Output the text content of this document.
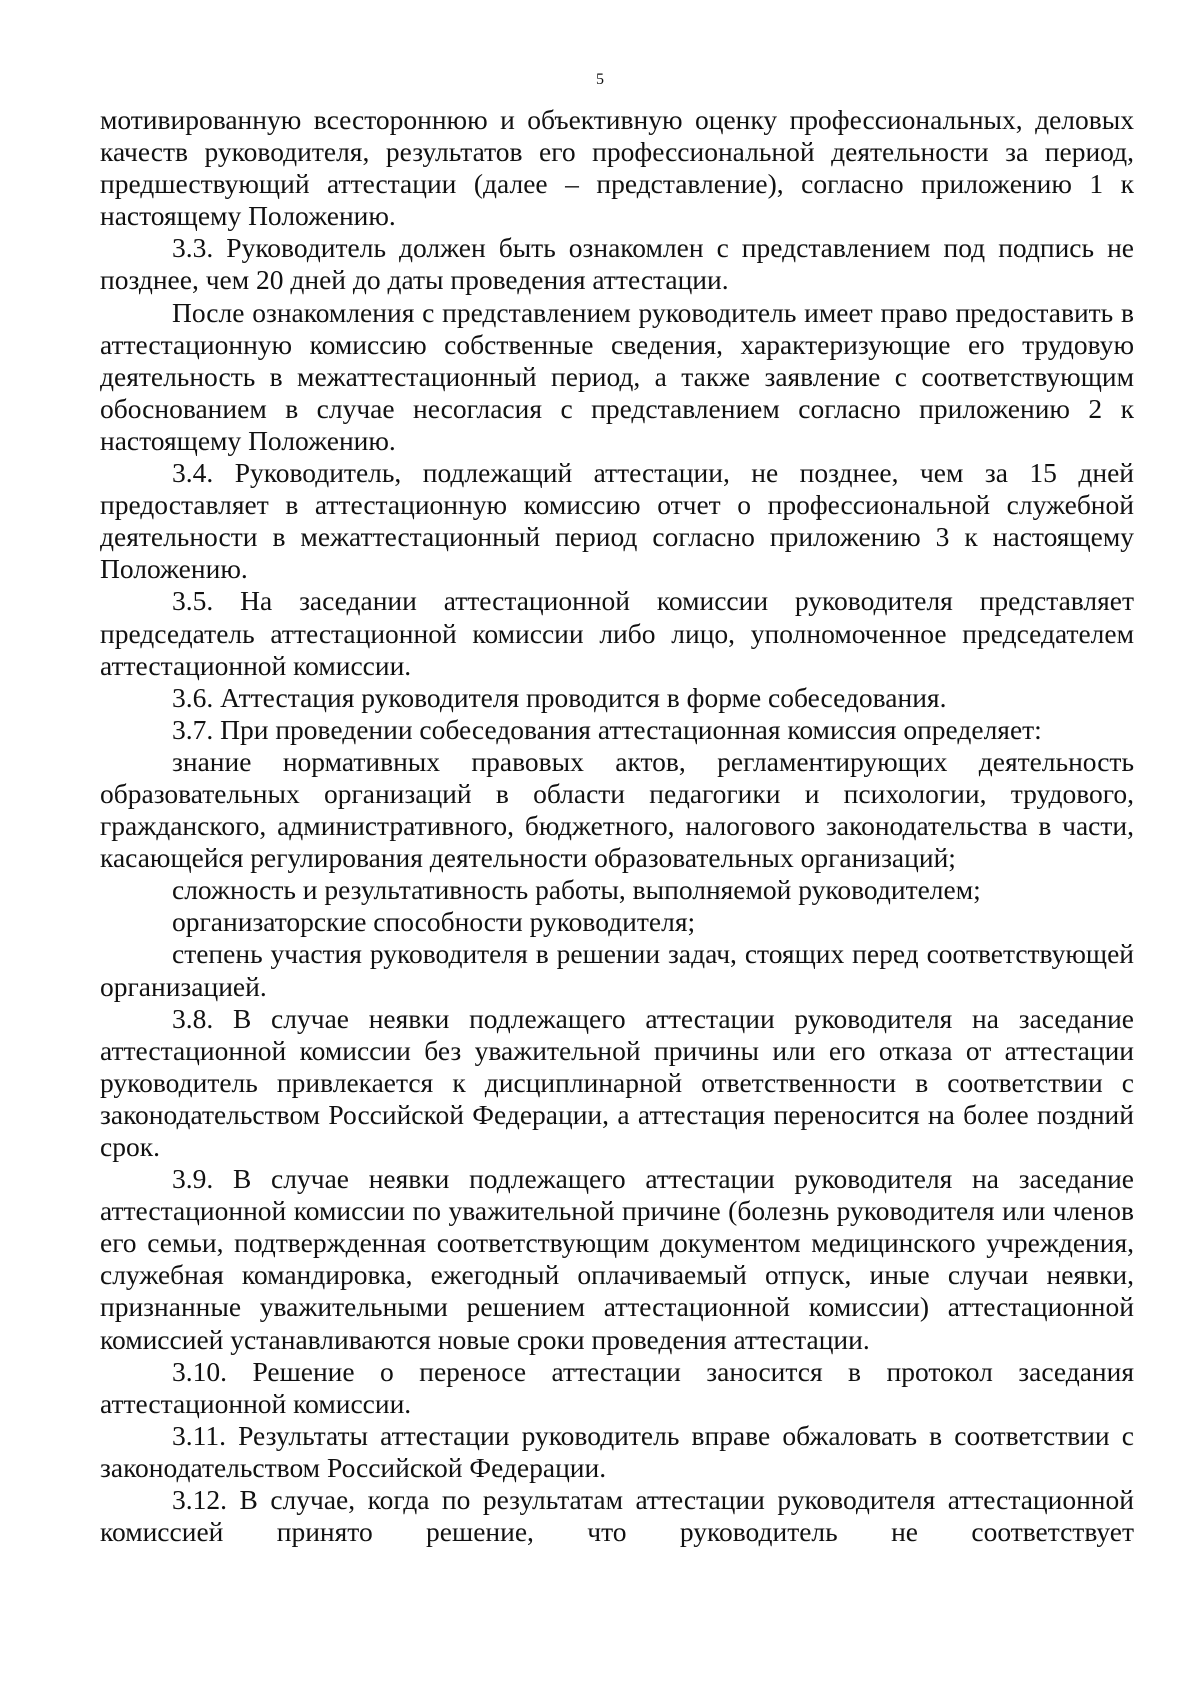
5

мотивированную всестороннюю и объективную оценку профессиональных, деловых качеств руководителя, результатов его профессиональной деятельности за период, предшествующий аттестации (далее – представление), согласно приложению 1 к настоящему Положению.

3.3. Руководитель должен быть ознакомлен с представлением под подпись не позднее, чем 20 дней до даты проведения аттестации.

После ознакомления с представлением руководитель имеет право предоставить в аттестационную комиссию собственные сведения, характеризующие его трудовую деятельность в межаттестационный период, а также заявление с соответствующим обоснованием в случае несогласия с представлением согласно приложению 2 к настоящему Положению.

3.4. Руководитель, подлежащий аттестации, не позднее, чем за 15 дней предоставляет в аттестационную комиссию отчет о профессиональной служебной деятельности в межаттестационный период согласно приложению 3 к настоящему Положению.

3.5. На заседании аттестационной комиссии руководителя представляет председатель аттестационной комиссии либо лицо, уполномоченное председателем аттестационной комиссии.

3.6. Аттестация руководителя проводится в форме собеседования.

3.7. При проведении собеседования аттестационная комиссия определяет:

знание нормативных правовых актов, регламентирующих деятельность образовательных организаций в области педагогики и психологии, трудового, гражданского, административного, бюджетного, налогового законодательства в части, касающейся регулирования деятельности образовательных организаций;

сложность и результативность работы, выполняемой руководителем;

организаторские способности руководителя;

степень участия руководителя в решении задач, стоящих перед соответствующей организацией.

3.8. В случае неявки подлежащего аттестации руководителя на заседание аттестационной комиссии без уважительной причины или его отказа от аттестации руководитель привлекается к дисциплинарной ответственности в соответствии с законодательством Российской Федерации, а аттестация переносится на более поздний срок.

3.9. В случае неявки подлежащего аттестации руководителя на заседание аттестационной комиссии по уважительной причине (болезнь руководителя или членов его семьи, подтвержденная соответствующим документом медицинского учреждения, служебная командировка, ежегодный оплачиваемый отпуск, иные случаи неявки, признанные уважительными решением аттестационной комиссии) аттестационной комиссией устанавливаются новые сроки проведения аттестации.

3.10. Решение о переносе аттестации заносится в протокол заседания аттестационной комиссии.

3.11. Результаты аттестации руководитель вправе обжаловать в соответствии с законодательством Российской Федерации.

3.12. В случае, когда по результатам аттестации руководителя аттестационной комиссией принято решение, что руководитель не соответствует
